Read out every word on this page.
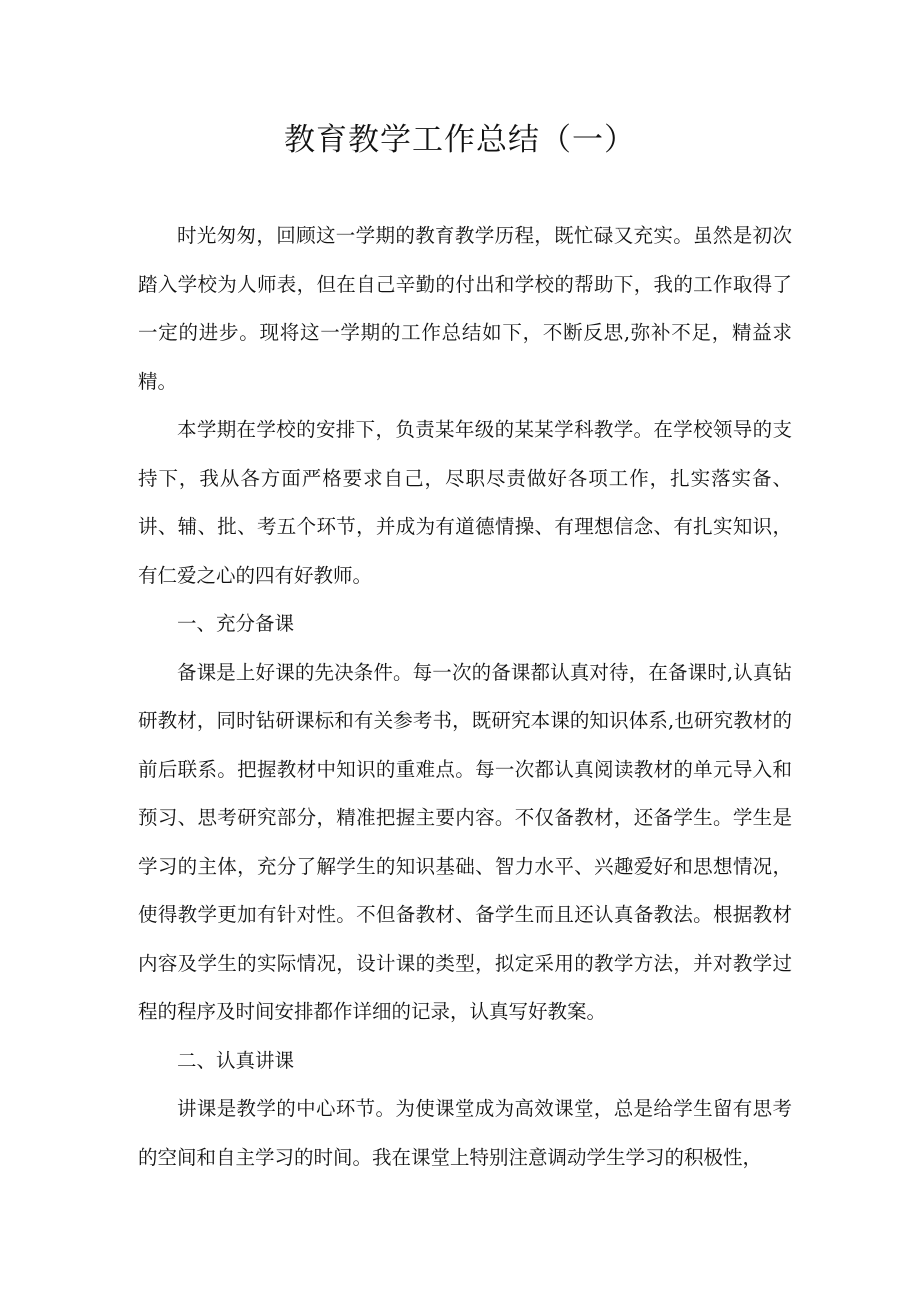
教育教学工作总结（一）

时光匆匆，回顾这一学期的教育教学历程，既忙碌又充实。虽然是初次踏入学校为人师表，但在自己辛勤的付出和学校的帮助下，我的工作取得了一定的进步。现将这一学期的工作总结如下，不断反思,弥补不足，精益求精。

本学期在学校的安排下，负责某年级的某某学科教学。在学校领导的支持下，我从各方面严格要求自己，尽职尽责做好各项工作，扎实落实备、讲、辅、批、考五个环节，并成为有道德情操、有理想信念、有扎实知识，有仁爱之心的四有好教师。

一、充分备课

备课是上好课的先决条件。每一次的备课都认真对待，在备课时,认真钻研教材，同时钻研课标和有关参考书，既研究本课的知识体系,也研究教材的前后联系。把握教材中知识的重难点。每一次都认真阅读教材的单元导入和预习、思考研究部分，精准把握主要内容。不仅备教材，还备学生。学生是学习的主体，充分了解学生的知识基础、智力水平、兴趣爱好和思想情况，使得教学更加有针对性。不但备教材、备学生而且还认真备教法。根据教材内容及学生的实际情况，设计课的类型，拟定采用的教学方法，并对教学过程的程序及时间安排都作详细的记录，认真写好教案。

二、认真讲课

讲课是教学的中心环节。为使课堂成为高效课堂，总是给学生留有思考的空间和自主学习的时间。我在课堂上特别注意调动学生学习的积极性，
